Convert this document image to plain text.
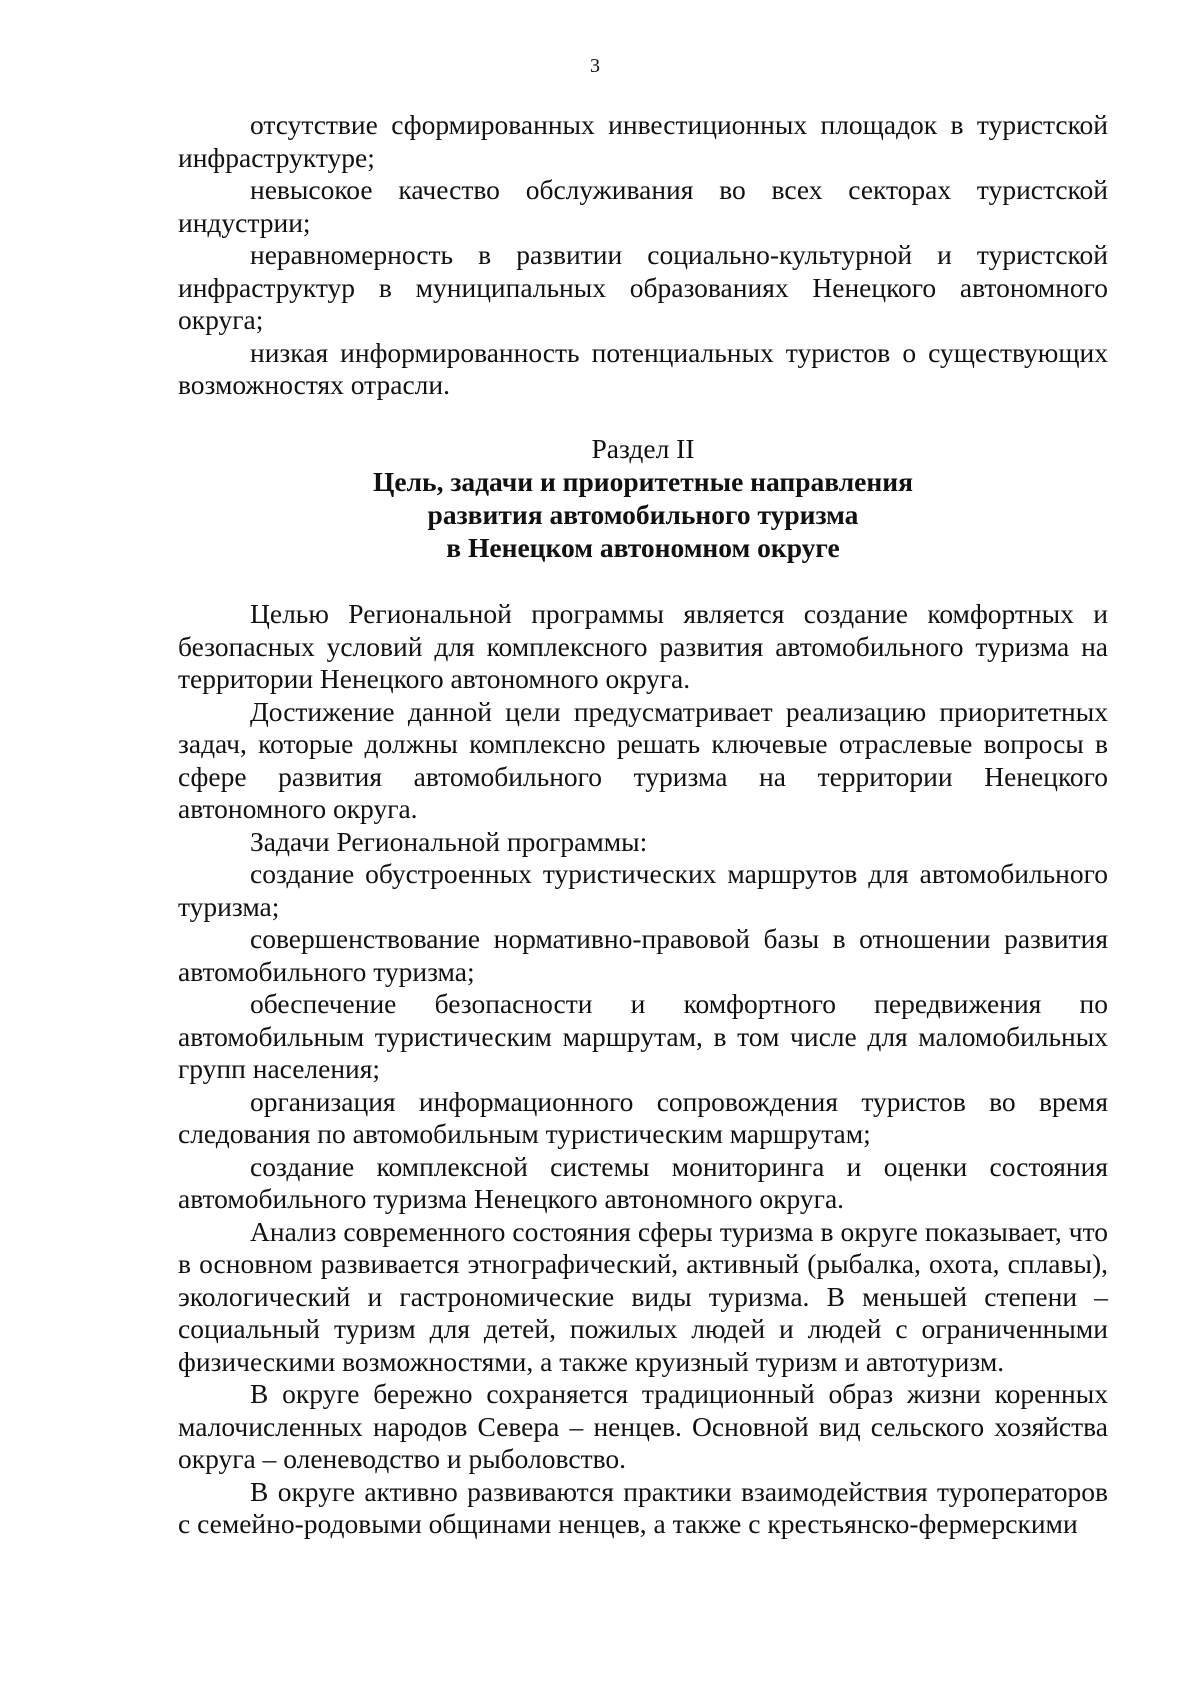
3

отсутствие сформированных инвестиционных площадок в туристской инфраструктуре;

невысокое качество обслуживания во всех секторах туристской индустрии;

неравномерность в развитии социально-культурной и туристской инфраструктур в муниципальных образованиях Ненецкого автономного округа;

низкая информированность потенциальных туристов о существующих возможностях отрасли.

Раздел II

Цель, задачи и приоритетные направления
развития автомобильного туризма
в Ненецком автономном округе

Целью Региональной программы является создание комфортных и безопасных условий для комплексного развития автомобильного туризма на территории Ненецкого автономного округа.

Достижение данной цели предусматривает реализацию приоритетных задач, которые должны комплексно решать ключевые отраслевые вопросы в сфере развития автомобильного туризма на территории Ненецкого автономного округа.

Задачи Региональной программы:

создание обустроенных туристических маршрутов для автомобильного туризма;

совершенствование нормативно-правовой базы в отношении развития автомобильного туризма;

обеспечение безопасности и комфортного передвижения по автомобильным туристическим маршрутам, в том числе для маломобильных групп населения;

организация информационного сопровождения туристов во время следования по автомобильным туристическим маршрутам;

создание комплексной системы мониторинга и оценки состояния автомобильного туризма Ненецкого автономного округа.

Анализ современного состояния сферы туризма в округе показывает, что в основном развивается этнографический, активный (рыбалка, охота, сплавы), экологический и гастрономические виды туризма. В меньшей степени – социальный туризм для детей, пожилых людей и людей с ограниченными физическими возможностями, а также круизный туризм и автотуризм.

В округе бережно сохраняется традиционный образ жизни коренных малочисленных народов Севера – ненцев. Основной вид сельского хозяйства округа – оленеводство и рыболовство.

В округе активно развиваются практики взаимодействия туроператоров с семейно-родовыми общинами ненцев, а также с крестьянско-фермерскими
